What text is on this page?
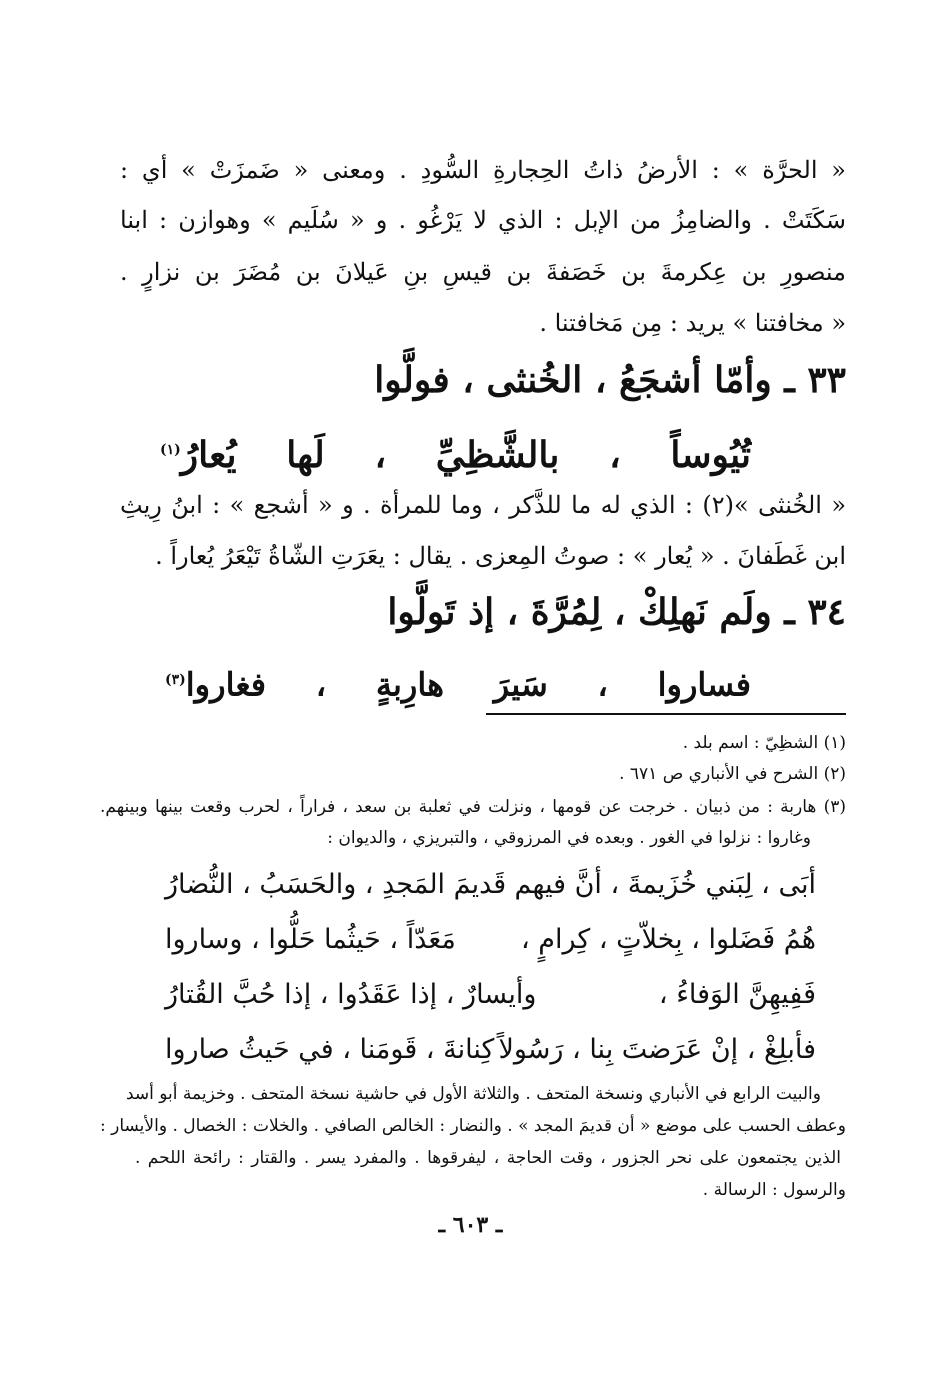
« الحرَّة » : الأرضُ ذاتُ الحِجارةِ السُّودِ . ومعنى « ضَمزَتْ » أي :
سَكَتَتْ . والضامِزُ من الإبل : الذي لا يَرْغُو . و « سُلَيم » وهوازن : ابنا
منصورِ بن عِكرمةَ بن خَصَفةَ بن قيسِ بنِ عَيلانَ بن مُضَرَ بن نزارٍ .
« مخافتنا » يريد : مِن مَخافتنا .
٣٣ ـ وأمّا أشجَعُ ، الخُنثى ، فولَّوا
تُيُوساً ، بالشَّظِيِّ ، لَها يُعارُ$^{(١)}$
« الخُنثى »(٢) : الذي له ما للذَّكر ، وما للمرأة . و « أشجع » : ابنُ رِيثِ
ابن غَطَفانَ . « يُعار » : صوتُ المِعزى . يقال : يعَرَتِ الشّاةُ تَيْعَرُ يُعاراً .
٣٤ ـ ولَم نَهلِكْ ، لِمُرَّةَ ، إذ تَولَّوا
فساروا ، سَيرَ هارِبةٍ ، فغاروا$^{(٣)}$
(١) الشظِيّ : اسم بلد .
(٢) الشرح في الأنباري ص ٦٧١ .
(٣) هاربة : من ذبيان . خرجت عن قومها ، ونزلت في ثعلبة بن سعد ، فراراً ، لحرب وقعت بينها وبينهم.
وغاروا : نزلوا في الغور . وبعده في المرزوقي ، والتبريزي ، والديوان :
أبَى ، لِبَني خُزَيمةَ ، أنَّ فيهم
قَديمَ المَجدِ ، والحَسَبُ ، النُّضارُ
هُمُ فَضَلوا ، بِخلاّتٍ ، كِرامٍ ،
مَعَدّاً ، حَيثُما حَلُّوا ، وساروا
فَفِيهِنَّ الوَفاءُ ،
وأيسارٌ ، إذا عَقَدُوا ، إذا حُبَّ القُتارُ
فأبلِغْ ، إنْ عَرَضتَ بِنا ، رَسُولاً
كِنانةَ ، قَومَنا ، في حَيثُ صاروا
والبيت الرابع في الأنباري ونسخة المتحف . والثلاثة الأول في حاشية نسخة المتحف . وخزيمة أبو أسد
وعطف الحسب على موضع « أن قديمَ المجد » . والنضار : الخالص الصافي . والخلات : الخصال . والأيسار :
الذين يجتمعون على نحر الجزور ، وقت الحاجة ، ليفرقوها . والمفرد يسر . والقتار : رائحة اللحم .
والرسول : الرسالة .
ـ ٦٠٣ ـ
